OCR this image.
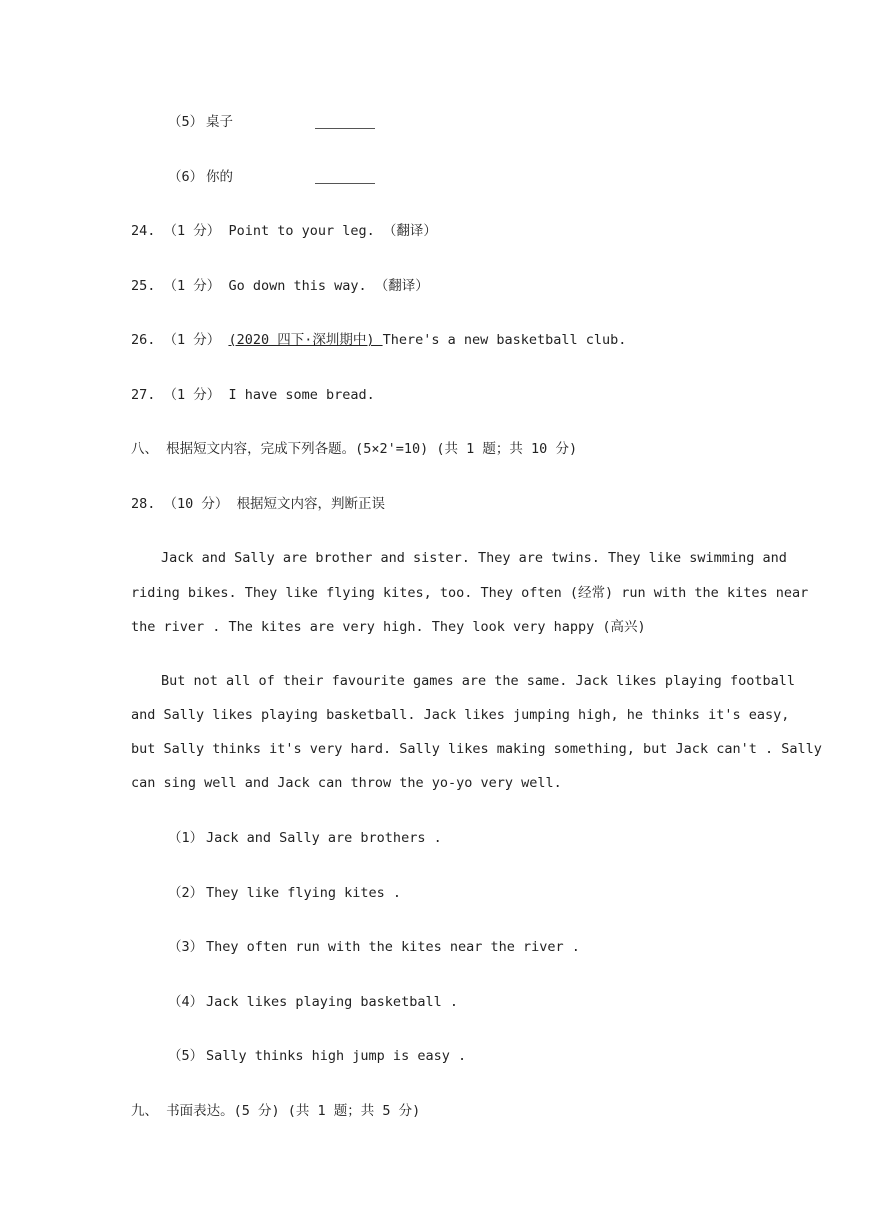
（5） 桌子
（6） 你的
24. （1 分） Point to your leg. （翻译）
25. （1 分） Go down this way. （翻译）
26. （1 分） (2020 四下·深圳期中) There's a new basketball club.
27. （1 分） I have some bread.
八、 根据短文内容，完成下列各题。(5×2'=10) (共 1 题；共 10 分)
28. （10 分） 根据短文内容，判断正误
Jack and Sally are brother and sister. They are twins. They like swimming and
riding bikes. They like flying kites, too. They often (经常) run with the kites near
the river . The kites are very high. They look very happy (高兴)
But not all of their favourite games are the same. Jack likes playing football
and Sally likes playing basketball. Jack likes jumping high, he thinks it's easy,
but Sally thinks it's very hard. Sally likes making something, but Jack can't . Sally
can sing well and Jack can throw the yo-yo very well.
（1） Jack and Sally are brothers .
（2） They like flying kites .
（3） They often run with the kites near the river .
（4） Jack likes playing basketball .
（5） Sally thinks high jump is easy .
九、 书面表达。(5 分) (共 1 题；共 5 分)
